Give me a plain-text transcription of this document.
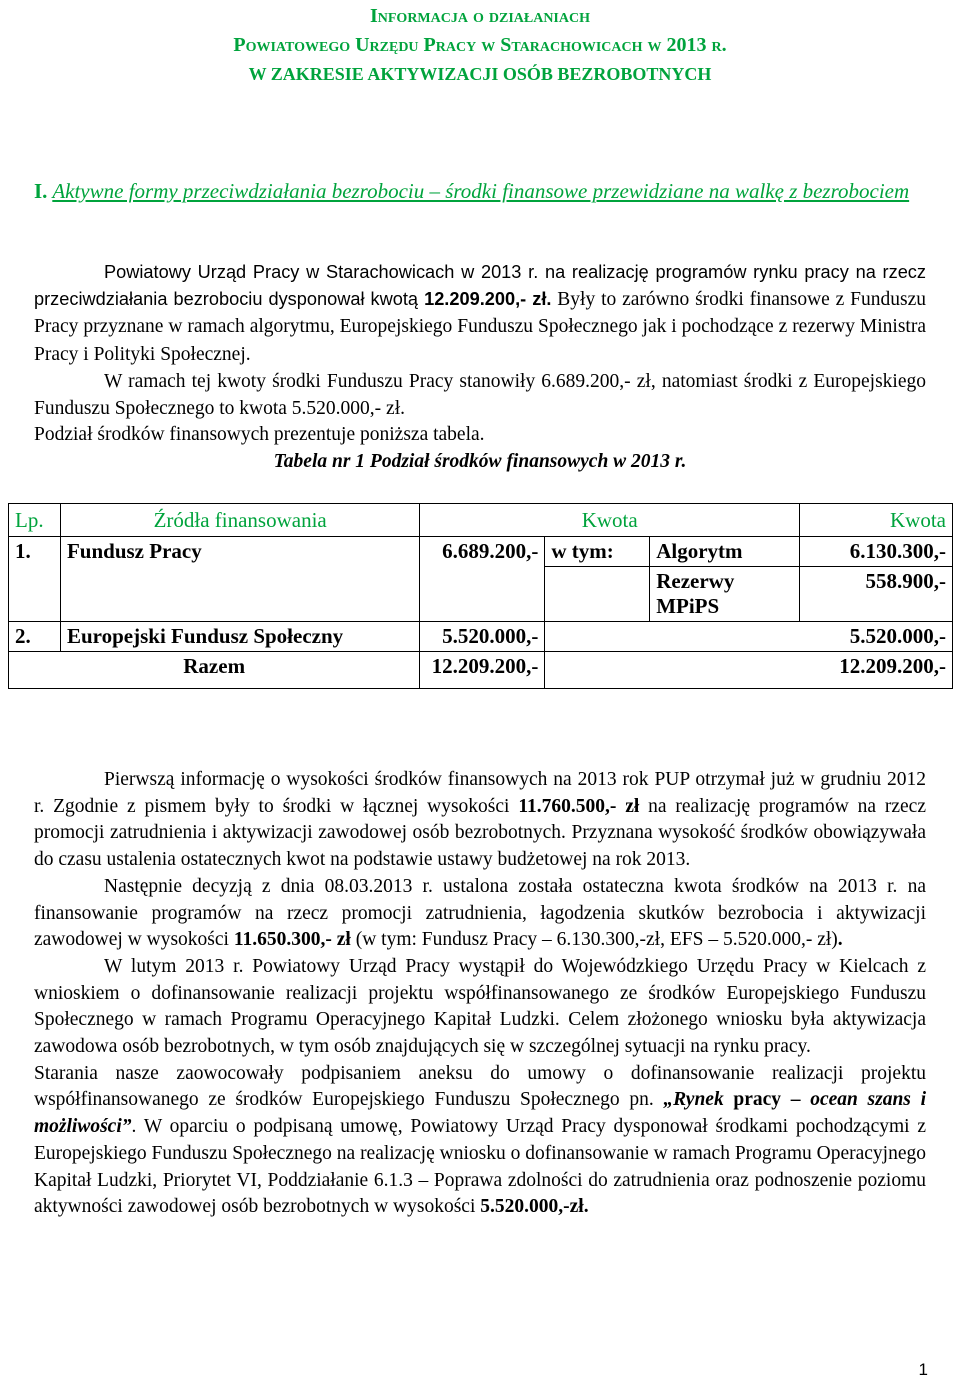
Informacja o działaniach
Powiatowego Urzędu Pracy w Starachowicach w 2013 r.
W ZAKRESIE AKTYWIZACJI OSÓB BEZROBOTNYCH
I. Aktywne formy przeciwdziałania bezrobociu – środki finansowe przewidziane na walkę z bezrobociem
Powiatowy Urząd Pracy w Starachowicach w 2013 r. na realizację programów rynku pracy na rzecz przeciwdziałania bezrobociu dysponował kwotą 12.209.200,- zł. Były to zarówno środki finansowe z Funduszu Pracy przyznane w ramach algorytmu, Europejskiego Funduszu Społecznego jak i pochodzące z rezerwy Ministra Pracy i Polityki Społecznej.
W ramach tej kwoty środki Funduszu Pracy stanowiły 6.689.200,- zł, natomiast środki z Europejskiego Funduszu Społecznego to kwota 5.520.000,- zł.
Podział środków finansowych prezentuje poniższa tabela.
Tabela nr 1 Podział środków finansowych w 2013 r.
Lp.	Źródła finansowania	Kwota			Kwota
1.	Fundusz Pracy	6.689.200,-	w tym:	Algorytm	6.130.300,-
				Rezerwy MPiPS	558.900,-
2.	Europejski Fundusz Społeczny	5.520.000,-	5.520.000,-		
Razem		12.209.200,-	12.209.200,-		
Pierwszą informację o wysokości środków finansowych na 2013 rok PUP otrzymał już w grudniu 2012 r. Zgodnie z pismem były to środki w łącznej wysokości 11.760.500,- zł na realizację programów na rzecz promocji zatrudnienia i aktywizacji zawodowej osób bezrobotnych. Przyznana wysokość środków obowiązywała do czasu ustalenia ostatecznych kwot na podstawie ustawy budżetowej na rok 2013.
Następnie decyzją z dnia 08.03.2013 r. ustalona została ostateczna kwota środków na 2013 r. na finansowanie programów na rzecz promocji zatrudnienia, łagodzenia skutków bezrobocia i aktywizacji zawodowej w wysokości 11.650.300,- zł (w tym: Fundusz Pracy – 6.130.300,-zł, EFS – 5.520.000,- zł).
W lutym 2013 r. Powiatowy Urząd Pracy wystąpił do Wojewódzkiego Urzędu Pracy w Kielcach z wnioskiem o dofinansowanie realizacji projektu współfinansowanego ze środków Europejskiego Funduszu Społecznego w ramach Programu Operacyjnego Kapitał Ludzki. Celem złożonego wniosku była aktywizacja zawodowa osób bezrobotnych, w tym osób znajdujących się w szczególnej sytuacji na rynku pracy.
Starania nasze zaowocowały podpisaniem aneksu do umowy o dofinansowanie realizacji projektu współfinansowanego ze środków Europejskiego Funduszu Społecznego pn. „Rynek pracy – ocean szans i możliwości”. W oparciu o podpisaną umowę, Powiatowy Urząd Pracy dysponował środkami pochodzącymi z Europejskiego Funduszu Społecznego na realizację wniosku o dofinansowanie w ramach Programu Operacyjnego Kapitał Ludzki, Priorytet VI, Poddziałanie 6.1.3 – Poprawa zdolności do zatrudnienia oraz podnoszenie poziomu aktywności zawodowej osób bezrobotnych w wysokości 5.520.000,-zł.
1
